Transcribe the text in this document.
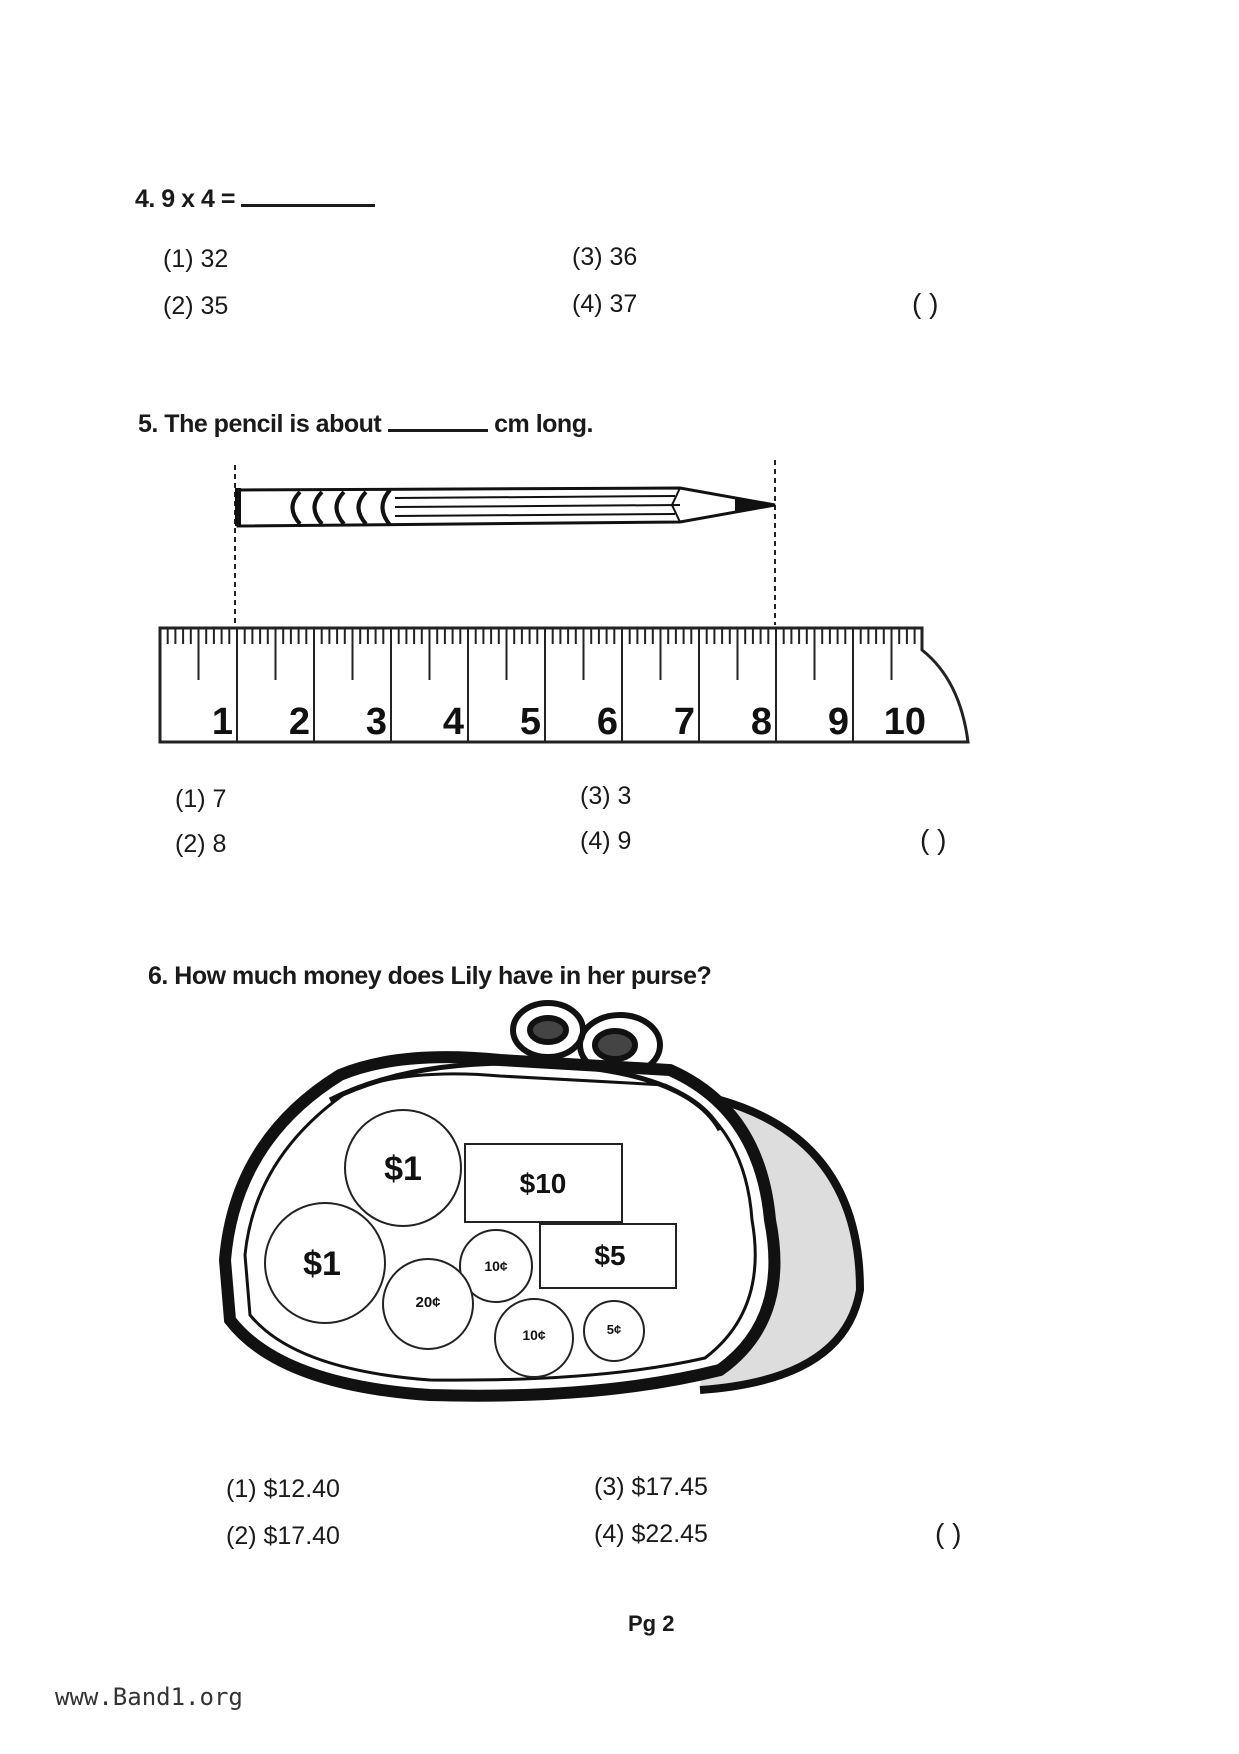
4. 9 x 4 =
(1) 32
(2) 35
(3) 36
(4) 37	( )
5. The pencil is about	cm long.
1 2 3 4 5 6 7 8 9 10
(1) 7
(2) 8
(3) 3
(4) 9	( )
6. How much money does Lily have in her purse?
$1	$10
$1	10¢	$5
20¢
10¢	5¢
(1) $12.40
(2) $17.40
(3) $17.45
(4) $22.45	( )
Pg 2
www.Band1.org
